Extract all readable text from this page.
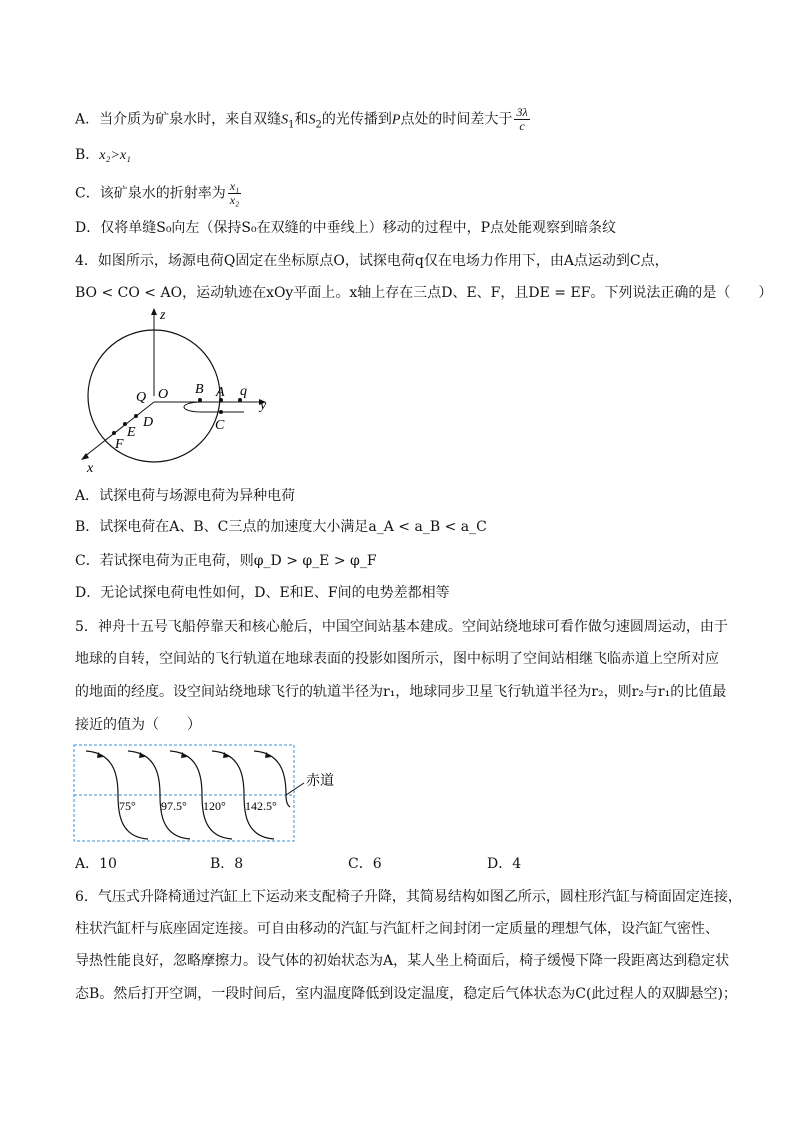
A．当介质为矿泉水时，来自双缝$S_1$和$S_2$的光传播到P点处的时间差大于 $\frac{3\lambda}{c}$
B．x₂>x₁
C．该矿泉水的折射率为 $\frac{\text{x₁}}{\text{x₂}}$
D．仅将单缝S₀向左（保持S₀在双缝的中垂线上）移动的过程中，P点处能观察到暗条纹
4．如图所示，场源电荷Q固定在坐标原点O，试探电荷q仅在电场力作用下，由A点运动到C点，
BO < CO < AO，运动轨迹在xOy平面上。x轴上存在三点D、E、F，且DE = EF。下列说法正确的是（　　）
z
y
x
Q O B A q
C
D
E
F
A．试探电荷与场源电荷为异种电荷
B．试探电荷在A、B、C三点的加速度大小满足a_A < a_B < a_C
C．若试探电荷为正电荷，则φ_D > φ_E > φ_F
D．无论试探电荷电性如何，D、E和E、F间的电势差都相等
5．神舟十五号飞船停靠天和核心舱后，中国空间站基本建成。空间站绕地球可看作做匀速圆周运动，由于
地球的自转，空间站的飞行轨道在地球表面的投影如图所示，图中标明了空间站相继飞临赤道上空所对应
的地面的经度。设空间站绕地球飞行的轨道半径为r₁，地球同步卫星飞行轨道半径为r₂，则r₂与r₁的比值最
接近的值为（　　）
赤道
75° 97.5° 120° 142.5°
A．10	B．8	C．6	D．4
6．气压式升降椅通过汽缸上下运动来支配椅子升降，其简易结构如图乙所示，圆柱形汽缸与椅面固定连接，
柱状汽缸杆与底座固定连接。可自由移动的汽缸与汽缸杆之间封闭一定质量的理想气体，设汽缸气密性、
导热性能良好，忽略摩擦力。设气体的初始状态为A，某人坐上椅面后，椅子缓慢下降一段距离达到稳定状
态B。然后打开空调，一段时间后，室内温度降低到设定温度，稳定后气体状态为C(此过程人的双脚悬空)；
